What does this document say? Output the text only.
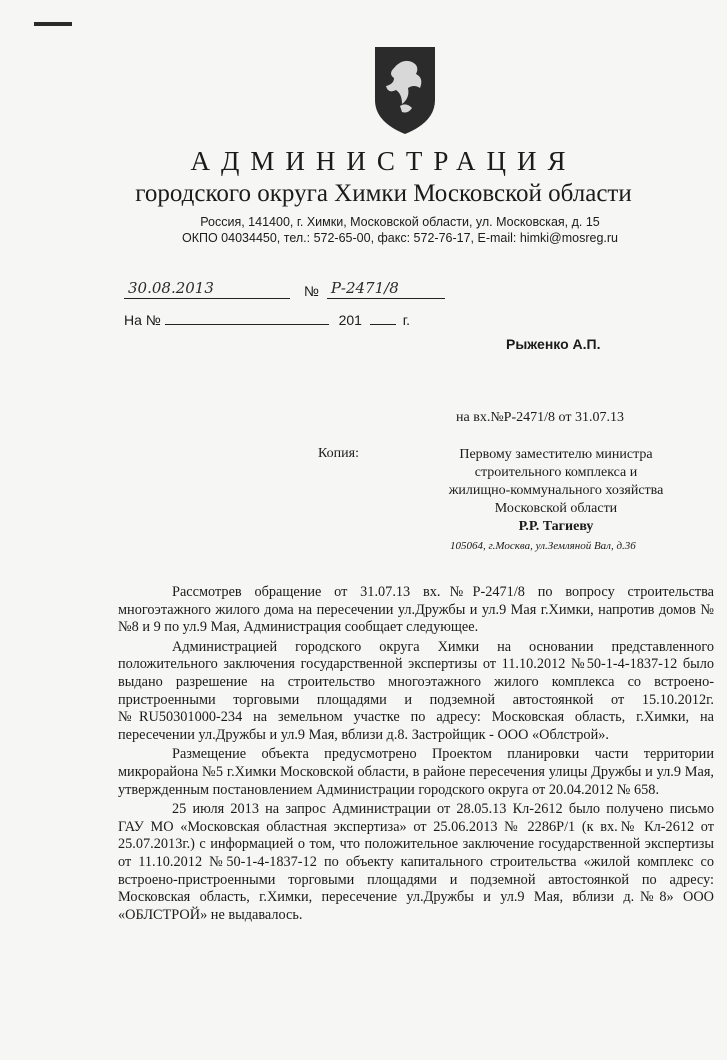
АДМИНИСТРАЦИЯ
городского округа Химки Московской области
Россия, 141400, г. Химки, Московской области, ул. Московская, д. 15
ОКПО 04034450, тел.: 572-65-00, факс: 572-76-17, E-mail: himki@mosreg.ru
30.08.2013	№ Р-2471/8
На №	201	г.
Рыженко А.П.
на вх.№Р-2471/8 от 31.07.13
Копия:	Первому заместителю министра
строительного комплекса и
жилищно-коммунального хозяйства
Московской области
Р.Р. Тагиеву
105064, г.Москва, ул.Земляной Вал, д.36

Рассмотрев обращение от 31.07.13 вх.№Р-2471/8 по вопросу строительства многоэтажного жилого дома на пересечении ул.Дружбы и ул.9 Мая г.Химки, напротив домов №№8 и 9 по ул.9 Мая, Администрация сообщает следующее.

Администрацией городского округа Химки на основании представленного положительного заключения государственной экспертизы от 11.10.2012 №50-1-4-1837-12 было выдано разрешение на строительство многоэтажного жилого комплекса со встроено-пристроенными торговыми площадями и подземной автостоянкой от 15.10.2012г. №RU50301000-234 на земельном участке по адресу: Московская область, г.Химки, на пересечении ул.Дружбы и ул.9 Мая, вблизи д.8. Застройщик - ООО «Облстрой».

Размещение объекта предусмотрено Проектом планировки части территории микрорайона №5 г.Химки Московской области, в районе пересечения улицы Дружбы и ул.9 Мая, утвержденным постановлением Администрации городского округа от 20.04.2012 № 658.

25 июля 2013 на запрос Администрации от 28.05.13 Кл-2612 было получено письмо ГАУ МО «Московская областная экспертиза» от 25.06.2013 № 2286Р/1 (к вх.№ Кл-2612 от 25.07.2013г.) с информацией о том, что положительное заключение государственной экспертизы от 11.10.2012 №50-1-4-1837-12 по объекту капитального строительства «жилой комплекс со встроено-пристроенными торговыми площадями и подземной автостоянкой по адресу: Московская область, г.Химки, пересечение ул.Дружбы и ул.9 Мая, вблизи д.№8» ООО «ОБЛСТРОЙ» не выдавалось.
